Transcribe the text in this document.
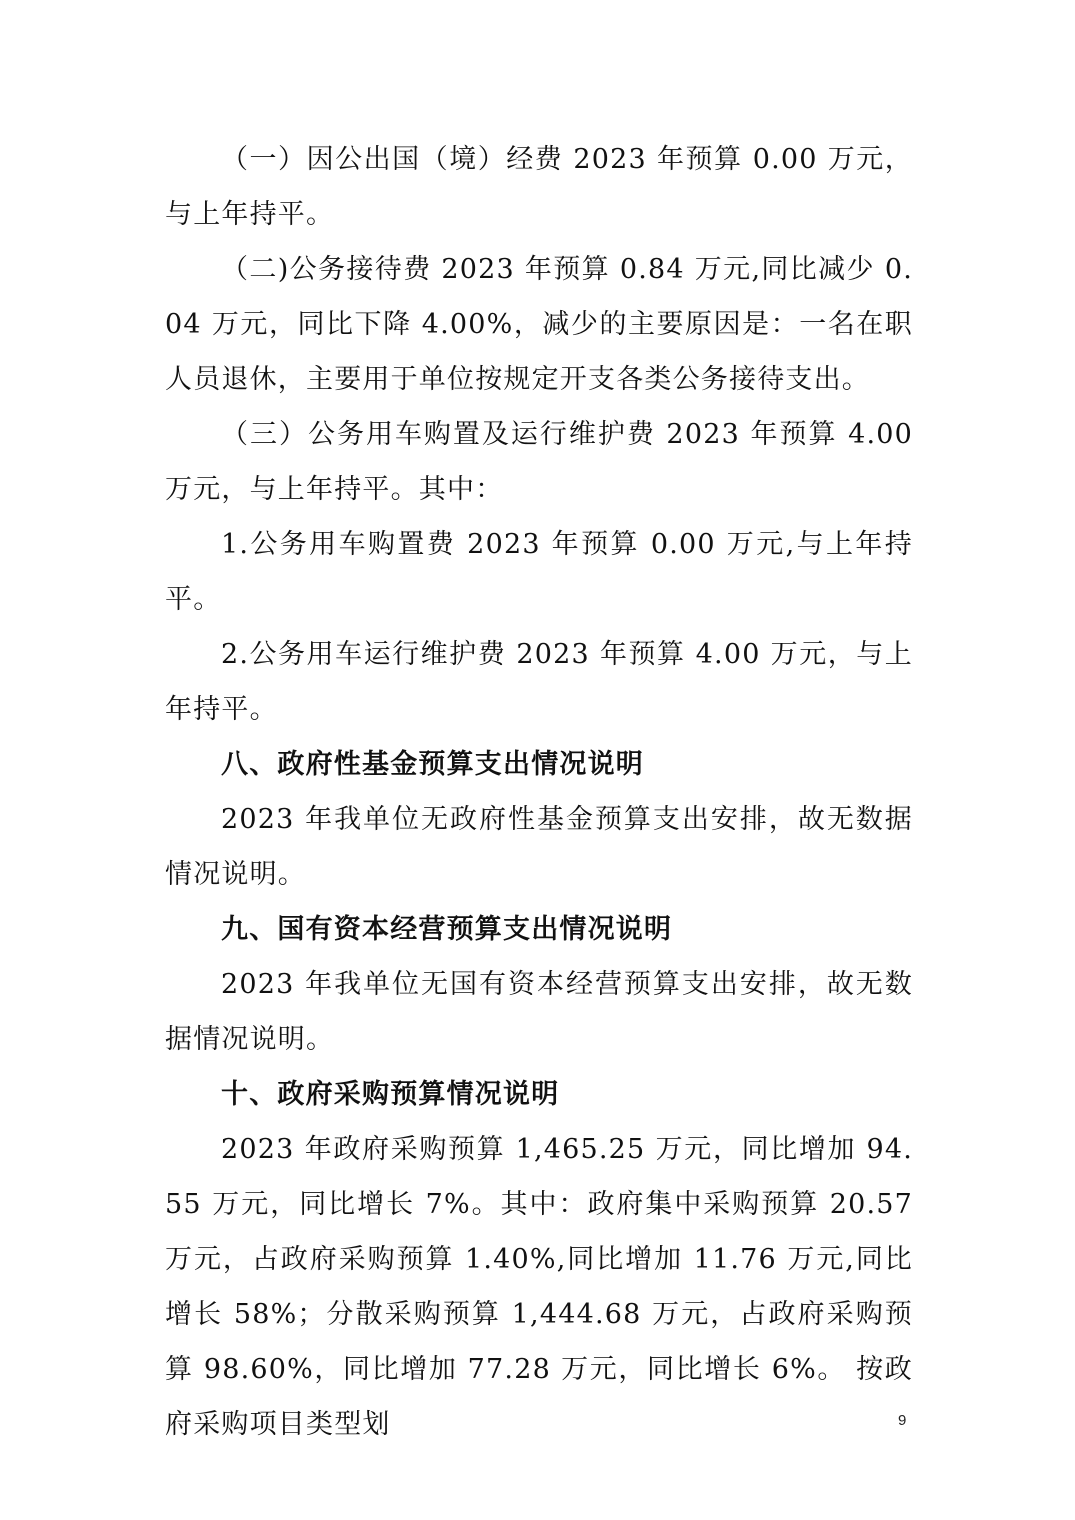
（一）因公出国（境）经费 2023 年预算 0.00 万元，与上年持平。

（二)公务接待费 2023 年预算 0.84 万元,同比减少 0.04 万元，同比下降 4.00%，减少的主要原因是：一名在职人员退休，主要用于单位按规定开支各类公务接待支出。

（三）公务用车购置及运行维护费 2023 年预算 4.00 万元，与上年持平。其中：

1.公务用车购置费 2023 年预算 0.00 万元,与上年持平。

2.公务用车运行维护费 2023 年预算 4.00 万元，与上年持平。

八、政府性基金预算支出情况说明

2023 年我单位无政府性基金预算支出安排，故无数据情况说明。

九、国有资本经营预算支出情况说明

2023 年我单位无国有资本经营预算支出安排，故无数据情况说明。

十、政府采购预算情况说明

2023 年政府采购预算 1,465.25 万元，同比增加 94.55 万元，同比增长 7%。其中：政府集中采购预算 20.57 万元，占政府采购预算 1.40%,同比增加 11.76 万元,同比增长 58%；分散采购预算 1,444.68 万元，占政府采购预算 98.60%，同比增加 77.28 万元，同比增长 6%。 按政府采购项目类型划	9
